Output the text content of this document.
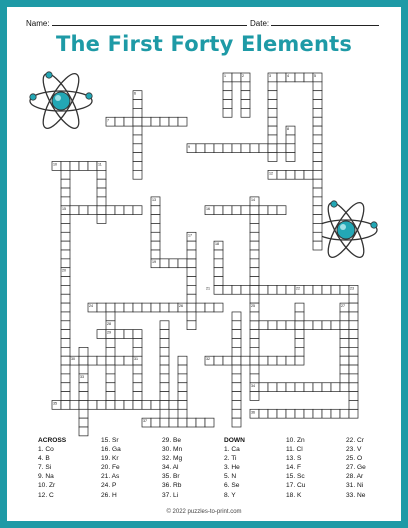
Name:	Date:
The First Forty Elements
1	2	3	4	5
6
7
8
9
10	11
12
13	14
15	16
17
18
19
20
21	22	23
24	25
26	27
28
29
30	31	32
33
34
35
36
37
ACROSS
1. Co
4. B
7. Si
9. Na
10. Zr
12. C
15. Sr
16. Ga
19. Kr
20. Fe
21. As
24. P
26. H
29. Be
30. Mn
32. Mg
34. Al
35. Br
36. Rb
37. Li
DOWN
1. Ca
2. Ti
3. He
5. N
6. Se
8. Y
10. Zn
11. Cl
13. S
14. F
15. Sc
17. Cu
18. K
22. Cr
23. V
25. O
27. Ge
28. Ar
31. Ni
33. Ne
© 2022 puzzles-to-print.com
